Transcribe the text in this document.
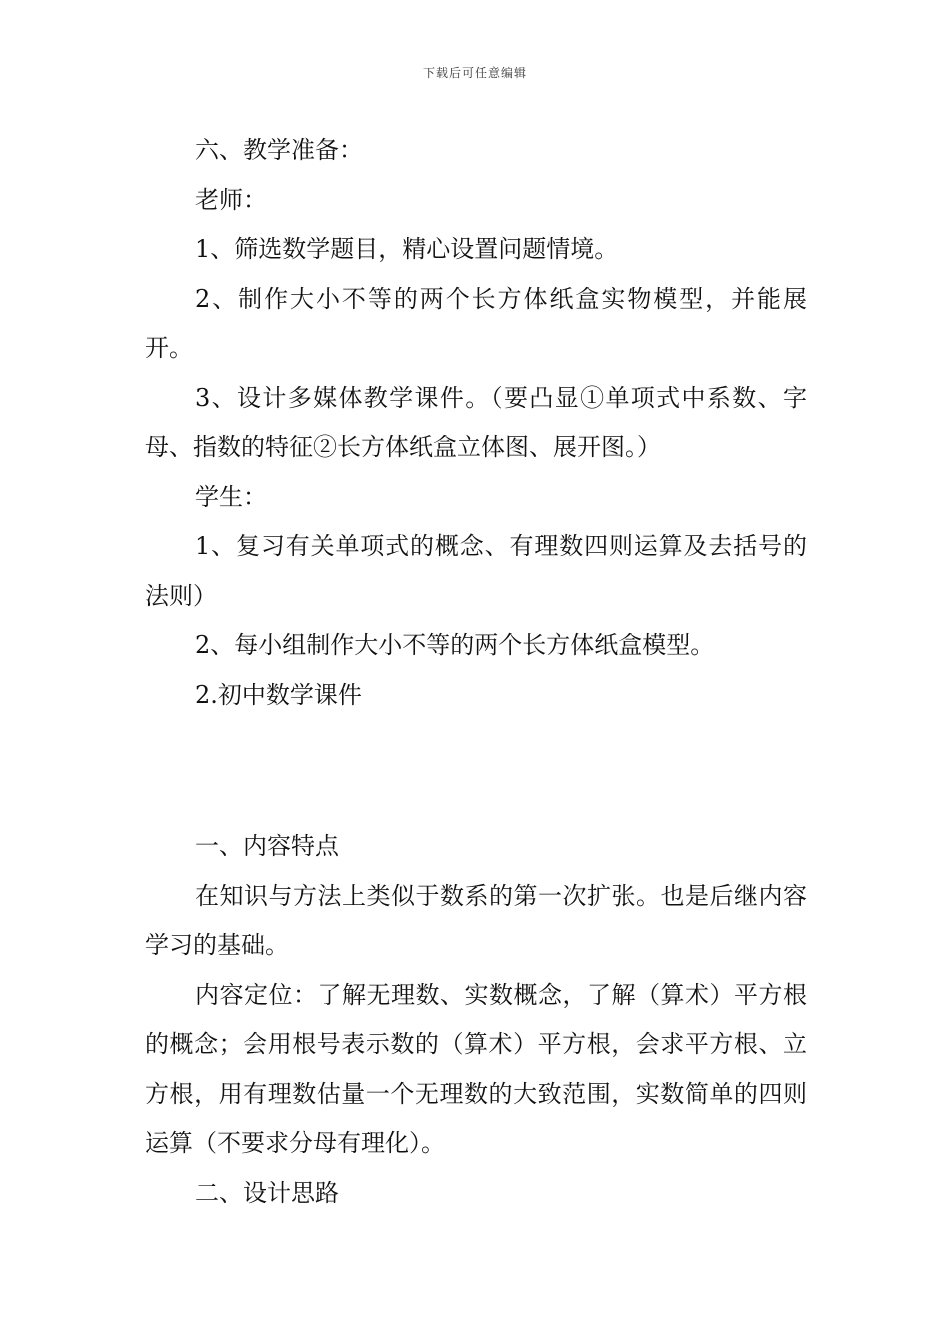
下载后可任意编辑

六、教学准备：

老师：

1、筛选数学题目，精心设置问题情境。

2、制作大小不等的两个长方体纸盒实物模型，并能展开。

3、设计多媒体教学课件。（要凸显①单项式中系数、字母、指数的特征②长方体纸盒立体图、展开图。）

学生：

1、复习有关单项式的概念、有理数四则运算及去括号的法则）

2、每小组制作大小不等的两个长方体纸盒模型。

2.初中数学课件

一、内容特点

在知识与方法上类似于数系的第一次扩张。也是后继内容学习的基础。

内容定位：了解无理数、实数概念，了解（算术）平方根的概念；会用根号表示数的（算术）平方根，会求平方根、立方根，用有理数估量一个无理数的大致范围，实数简单的四则运算（不要求分母有理化）。

二、设计思路
